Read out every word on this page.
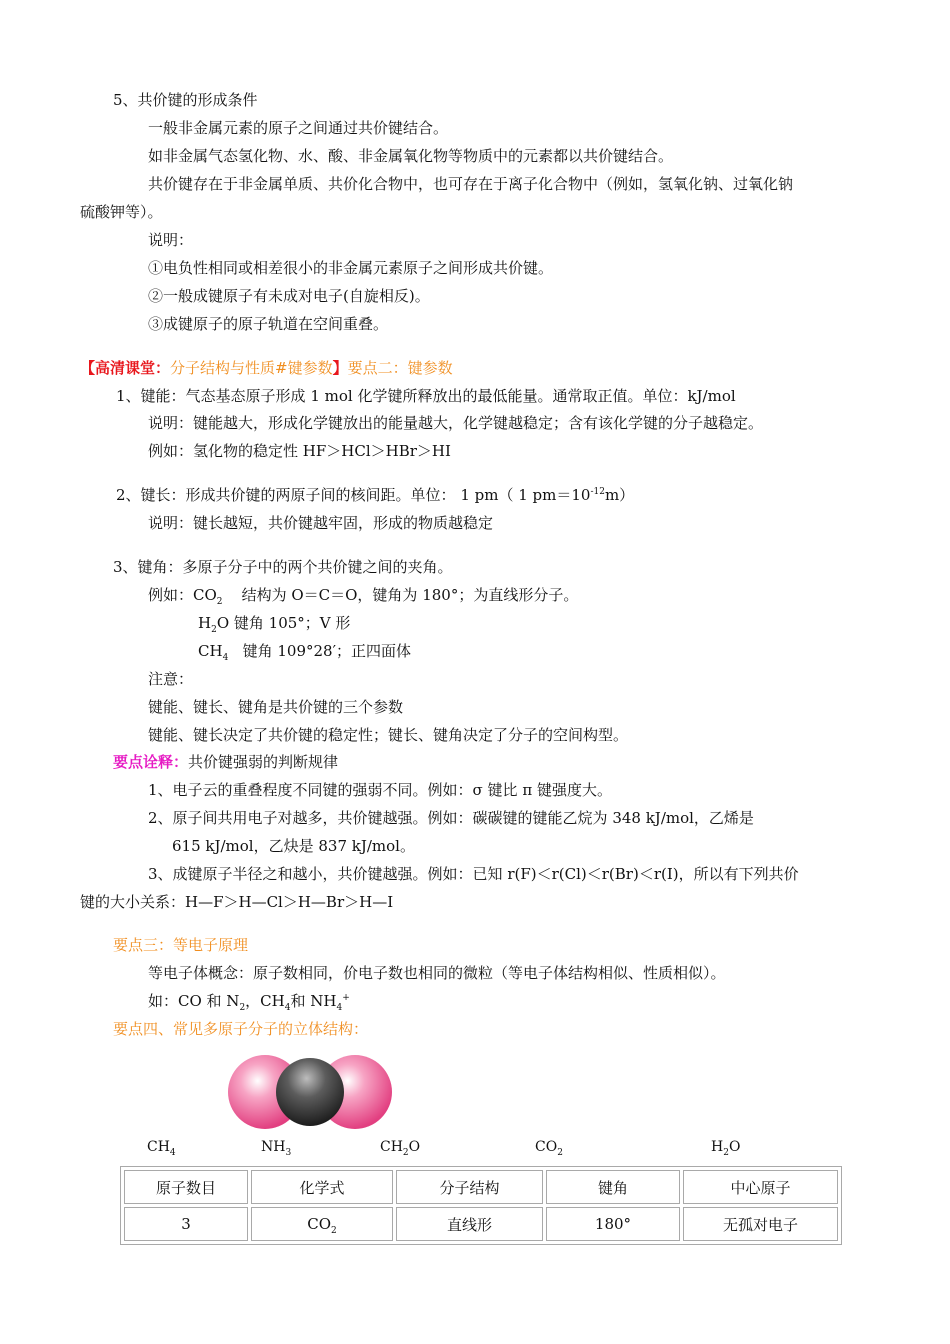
5、共价键的形成条件
一般非金属元素的原子之间通过共价键结合。
如非金属气态氢化物、水、酸、非金属氧化物等物质中的元素都以共价键结合。
共价键存在于非金属单质、共价化合物中，也可存在于离子化合物中（例如，氢氧化钠、过氧化钠
硫酸钾等）。
说明：
①电负性相同或相差很小的非金属元素原子之间形成共价键。
②一般成键原子有未成对电子(自旋相反)。
③成键原子的原子轨道在空间重叠。
【高清课堂：分子结构与性质#键参数】要点二：键参数
1、键能：气态基态原子形成 1 mol 化学键所释放出的最低能量。通常取正值。单位：kJ/mol
说明：键能越大，形成化学键放出的能量越大，化学键越稳定；含有该化学键的分子越稳定。
例如：氢化物的稳定性 HF＞HCl＞HBr＞HI
2、键长：形成共价键的两原子间的核间距。单位： 1 pm（ 1 $pm=10^{-12}m$）
说明：键长越短，共价键越牢固，形成的物质越稳定
3、键角：多原子分子中的两个共价键之间的夹角。
例如：$CO_2$ 结构为 O＝C＝O，键角为 180°；为直线形分子。
$H_2O$ 键角 105°；V 形
$CH_4$ 键角 109°28′；正四面体
注意：
键能、键长、键角是共价键的三个参数
键能、键长决定了共价键的稳定性；键长、键角决定了分子的空间构型。
要点诠释：共价键强弱的判断规律
1、电子云的重叠程度不同键的强弱不同。例如：σ 键比 π 键强度大。
2、原子间共用电子对越多，共价键越强。例如：碳碳键的键能乙烷为 348 kJ/mol，乙烯是
615 kJ/mol，乙炔是 837 kJ/mol。
3、成键原子半径之和越小，共价键越强。例如：已知 r(F)＜r(Cl)＜r(Br)＜r(I)，所以有下列共价
键的大小关系：H—F＞H—Cl＞H—Br＞H—I
要点三：等电子原理
等电子体概念：原子数相同，价电子数也相同的微粒（等电子体结构相似、性质相似）。
如：CO 和 $N_2$，$CH_4$和 $NH_4^+$
要点四、常见多原子分子的立体结构：
$CH_4$	$NH_3$	$CH_2O$	$CO_2$	$H_2O$
原子数目	化学式	分子结构	键角	中心原子
3	$CO_2$	直线形	180°	无孤对电子
